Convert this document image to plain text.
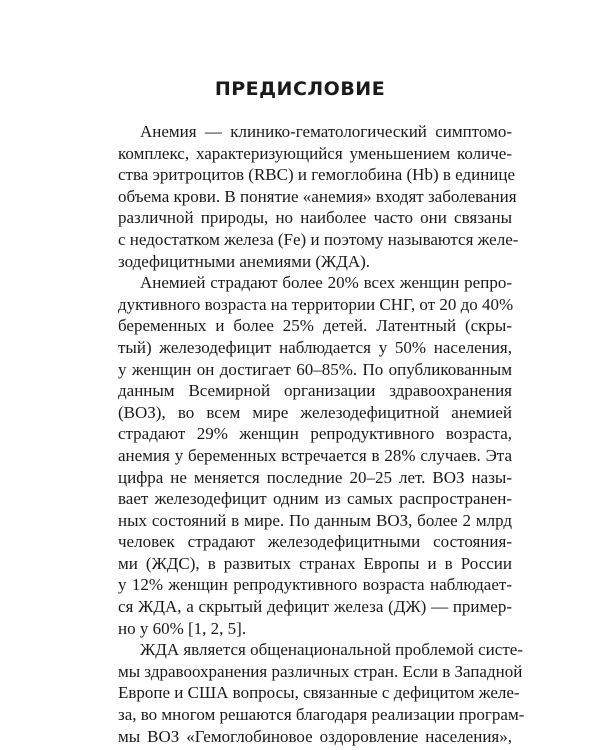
ПРЕДИСЛОВИЕ

Анемия — клинико-гематологический симптомо-
комплекс, характеризующийся уменьшением количе-
ства эритроцитов (RBC) и гемоглобина (Hb) в единице
объема крови. В понятие «анемия» входят заболевания
различной природы, но наиболее часто они связаны
с недостатком железа (Fe) и поэтому называются желе-
зодефицитными анемиями (ЖДА).

Анемией страдают более 20% всех женщин репро-
дуктивного возраста на территории СНГ, от 20 до 40%
беременных и более 25% детей. Латентный (скры-
тый) железодефицит наблюдается у 50% населения,
у женщин он достигает 60–85%. По опубликованным
данным Всемирной организации здравоохранения
(ВОЗ), во всем мире железодефицитной анемией
страдают 29% женщин репродуктивного возраста,
анемия у беременных встречается в 28% случаев. Эта
цифра не меняется последние 20–25 лет. ВОЗ назы-
вает железодефицит одним из самых распространен-
ных состояний в мире. По данным ВОЗ, более 2 млрд
человек страдают железодефицитными состояния-
ми (ЖДС), в развитых странах Европы и в России
у 12% женщин репродуктивного возраста наблюдает-
ся ЖДА, а скрытый дефицит железа (ДЖ) — пример-
но у 60% [1, 2, 5].

ЖДА является общенациональной проблемой систе-
мы здравоохранения различных стран. Если в Западной
Европе и США вопросы, связанные с дефицитом желе-
за, во многом решаются благодаря реализации програм-
мы ВОЗ «Гемоглобиновое оздоровление населения»,
